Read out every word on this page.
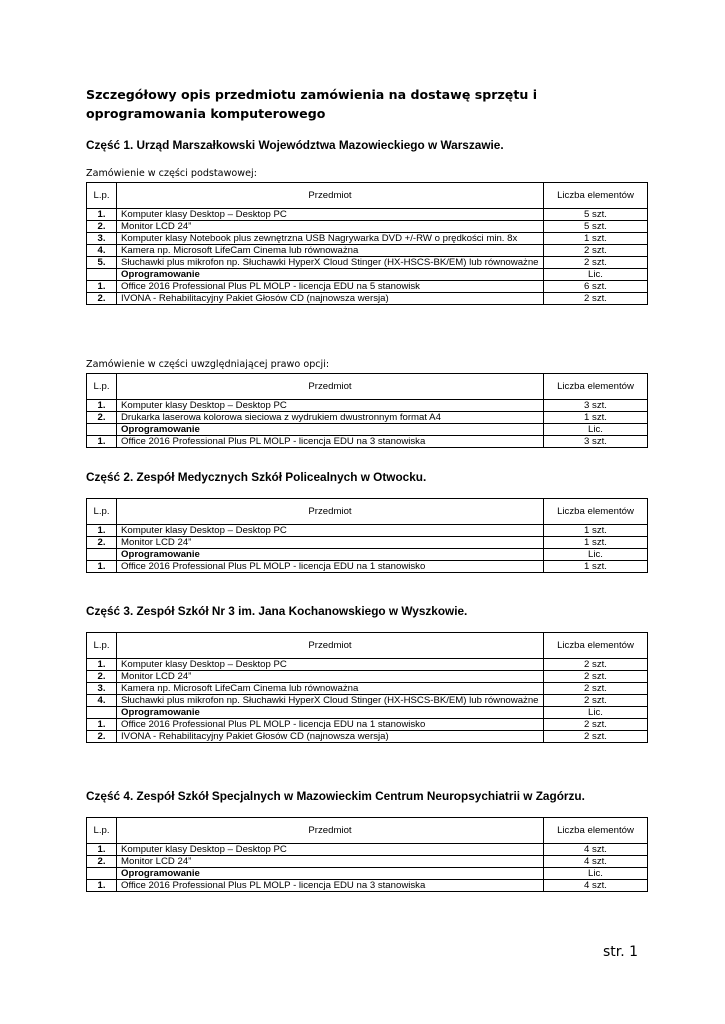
Szczegółowy opis przedmiotu zamówienia na dostawę sprzętu i oprogramowania komputerowego
Część 1. Urząd Marszałkowski Województwa Mazowieckiego w Warszawie.

Zamówienie w części podstawowej:

L.p.	Przedmiot	Liczba elementów
1.	Komputer klasy Desktop – Desktop PC	5 szt.
2.	Monitor LCD 24”	5 szt.
3.	Komputer klasy Notebook plus zewnętrzna USB Nagrywarka DVD +/-RW o prędkości min. 8x	1 szt.
4.	Kamera np. Microsoft LifeCam Cinema lub równoważna	2 szt.
5.	Słuchawki plus mikrofon np. Słuchawki HyperX Cloud Stinger (HX-HSCS-BK/EM) lub równoważne	2 szt.
	Oprogramowanie	Lic.
1.	Office 2016 Professional Plus PL MOLP - licencja EDU na 5 stanowisk	6 szt.
2.	IVONA - Rehabilitacyjny Pakiet Głosów CD (najnowsza wersja)	2 szt.

Zamówienie w części uwzględniającej prawo opcji:

L.p.	Przedmiot	Liczba elementów
1.	Komputer klasy Desktop – Desktop PC	3 szt.
2.	Drukarka laserowa kolorowa sieciowa z wydrukiem dwustronnym format A4	1 szt.
	Oprogramowanie	Lic.
1.	Office 2016 Professional Plus PL MOLP - licencja EDU na 3 stanowiska	3 szt.
Część 2. Zespół Medycznych Szkół Policealnych w Otwocku.
L.p.	Przedmiot	Liczba elementów
1.	Komputer klasy Desktop – Desktop PC	1 szt.
2.	Monitor LCD 24”	1 szt.
	Oprogramowanie	Lic.
1.	Office 2016 Professional Plus PL MOLP - licencja EDU na 1 stanowisko	1 szt.
Część 3. Zespół Szkół Nr 3 im. Jana Kochanowskiego w Wyszkowie.
L.p.	Przedmiot	Liczba elementów
1.	Komputer klasy Desktop – Desktop PC	2 szt.
2.	Monitor LCD 24”	2 szt.
3.	Kamera np. Microsoft LifeCam Cinema lub równoważna	2 szt.
4.	Słuchawki plus mikrofon np. Słuchawki HyperX Cloud Stinger (HX-HSCS-BK/EM) lub równoważne	2 szt.
	Oprogramowanie	Lic.
1.	Office 2016 Professional Plus PL MOLP - licencja EDU na 1 stanowisko	2 szt.
2.	IVONA - Rehabilitacyjny Pakiet Głosów CD (najnowsza wersja)	2 szt.
Część 4. Zespół Szkół Specjalnych w Mazowieckim Centrum Neuropsychiatrii w Zagórzu.
L.p.	Przedmiot	Liczba elementów
1.	Komputer klasy Desktop – Desktop PC	4 szt.
2.	Monitor LCD 24”	4 szt.
	Oprogramowanie	Lic.
1.	Office 2016 Professional Plus PL MOLP - licencja EDU na 3 stanowiska	4 szt.

str. 1
